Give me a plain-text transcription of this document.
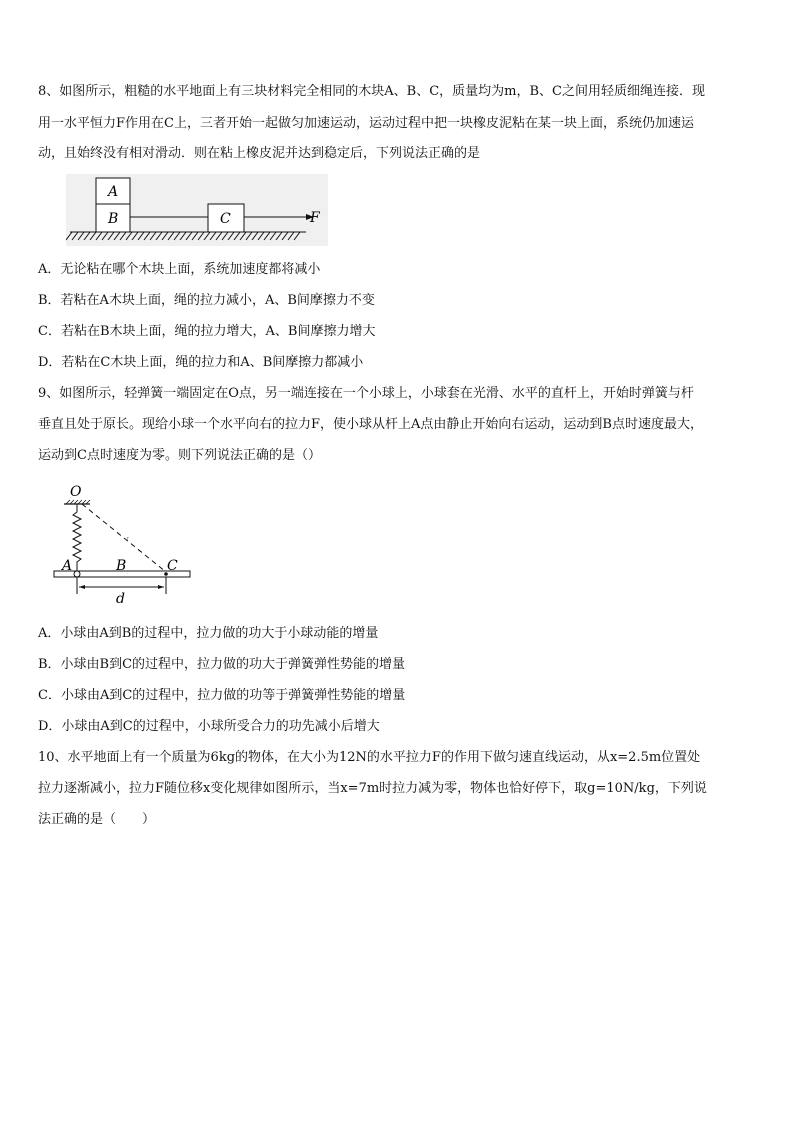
8、如图所示，粗糙的水平地面上有三块材料完全相同的木块A、B、C，质量均为m，B、C之间用轻质细绳连接．现
用一水平恒力F作用在C上，三者开始一起做匀加速运动，运动过程中把一块橡皮泥粘在某一块上面，系统仍加速运
动，且始终没有相对滑动．则在粘上橡皮泥并达到稳定后，下列说法正确的是
A
B	C	F
A．无论粘在哪个木块上面，系统加速度都将减小
B．若粘在A木块上面，绳的拉力减小，A、B间摩擦力不变
C．若粘在B木块上面，绳的拉力增大，A、B间摩擦力增大
D．若粘在C木块上面，绳的拉力和A、B间摩擦力都减小
9、如图所示，轻弹簧一端固定在O点，另一端连接在一个小球上，小球套在光滑、水平的直杆上，开始时弹簧与杆
垂直且处于原长。现给小球一个水平向右的拉力F，使小球从杆上A点由静止开始向右运动，运动到B点时速度最大，
运动到C点时速度为零。则下列说法正确的是（）
O
·ʳ
A	B	C
d
A．小球由A到B的过程中，拉力做的功大于小球动能的增量
B．小球由B到C的过程中，拉力做的功大于弹簧弹性势能的增量
C．小球由A到C的过程中，拉力做的功等于弹簧弹性势能的增量
D．小球由A到C的过程中，小球所受合力的功先减小后增大
10、水平地面上有一个质量为6kg的物体，在大小为12N的水平拉力F的作用下做匀速直线运动，从x=2.5m位置处
拉力逐渐减小，拉力F随位移x变化规律如图所示，当x=7m时拉力减为零，物体也恰好停下，取g=10N/kg，下列说
法正确的是（　　）
